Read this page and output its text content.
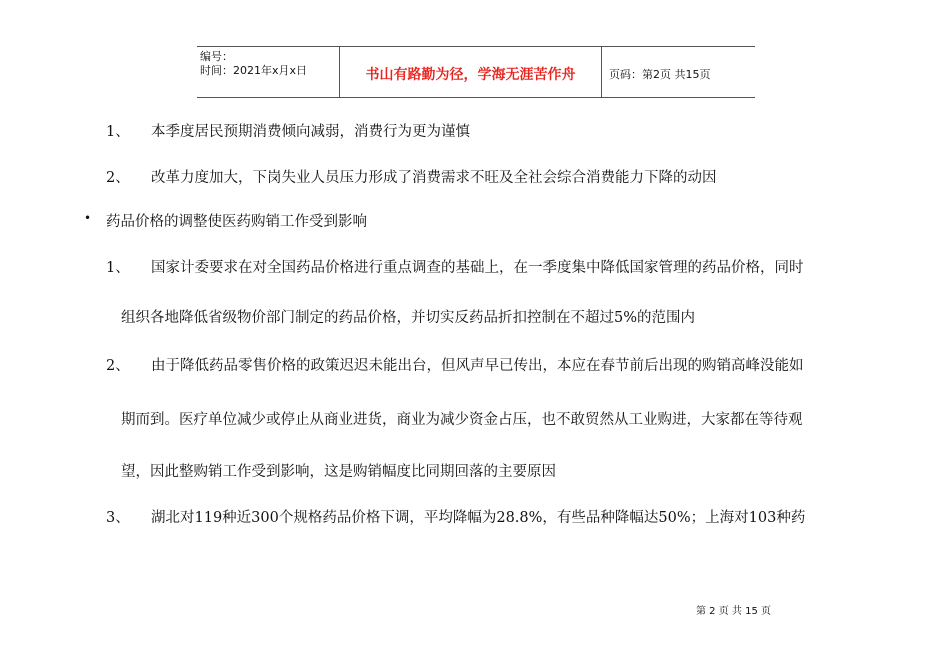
编号：
时间：2021年x月x日	书山有路勤为径，学海无涯苦作舟	页码：第2页 共15页
1、 本季度居民预期消费倾向减弱，消费行为更为谨慎
2、 改革力度加大，下岗失业人员压力形成了消费需求不旺及全社会综合消费能力下降的动因
• 药品价格的调整使医药购销工作受到影响
1、 国家计委要求在对全国药品价格进行重点调查的基础上，在一季度集中降低国家管理的药品价格，同时
组织各地降低省级物价部门制定的药品价格，并切实反药品折扣控制在不超过5%的范围内
2、 由于降低药品零售价格的政策迟迟未能出台，但风声早已传出，本应在春节前后出现的购销高峰没能如
期而到。医疗单位减少或停止从商业进货，商业为减少资金占压，也不敢贸然从工业购进，大家都在等待观
望，因此整购销工作受到影响，这是购销幅度比同期回落的主要原因
3、 湖北对119种近300个规格药品价格下调，平均降幅为28.8%，有些品种降幅达50%；上海对103种药
第 2 页 共 15 页
